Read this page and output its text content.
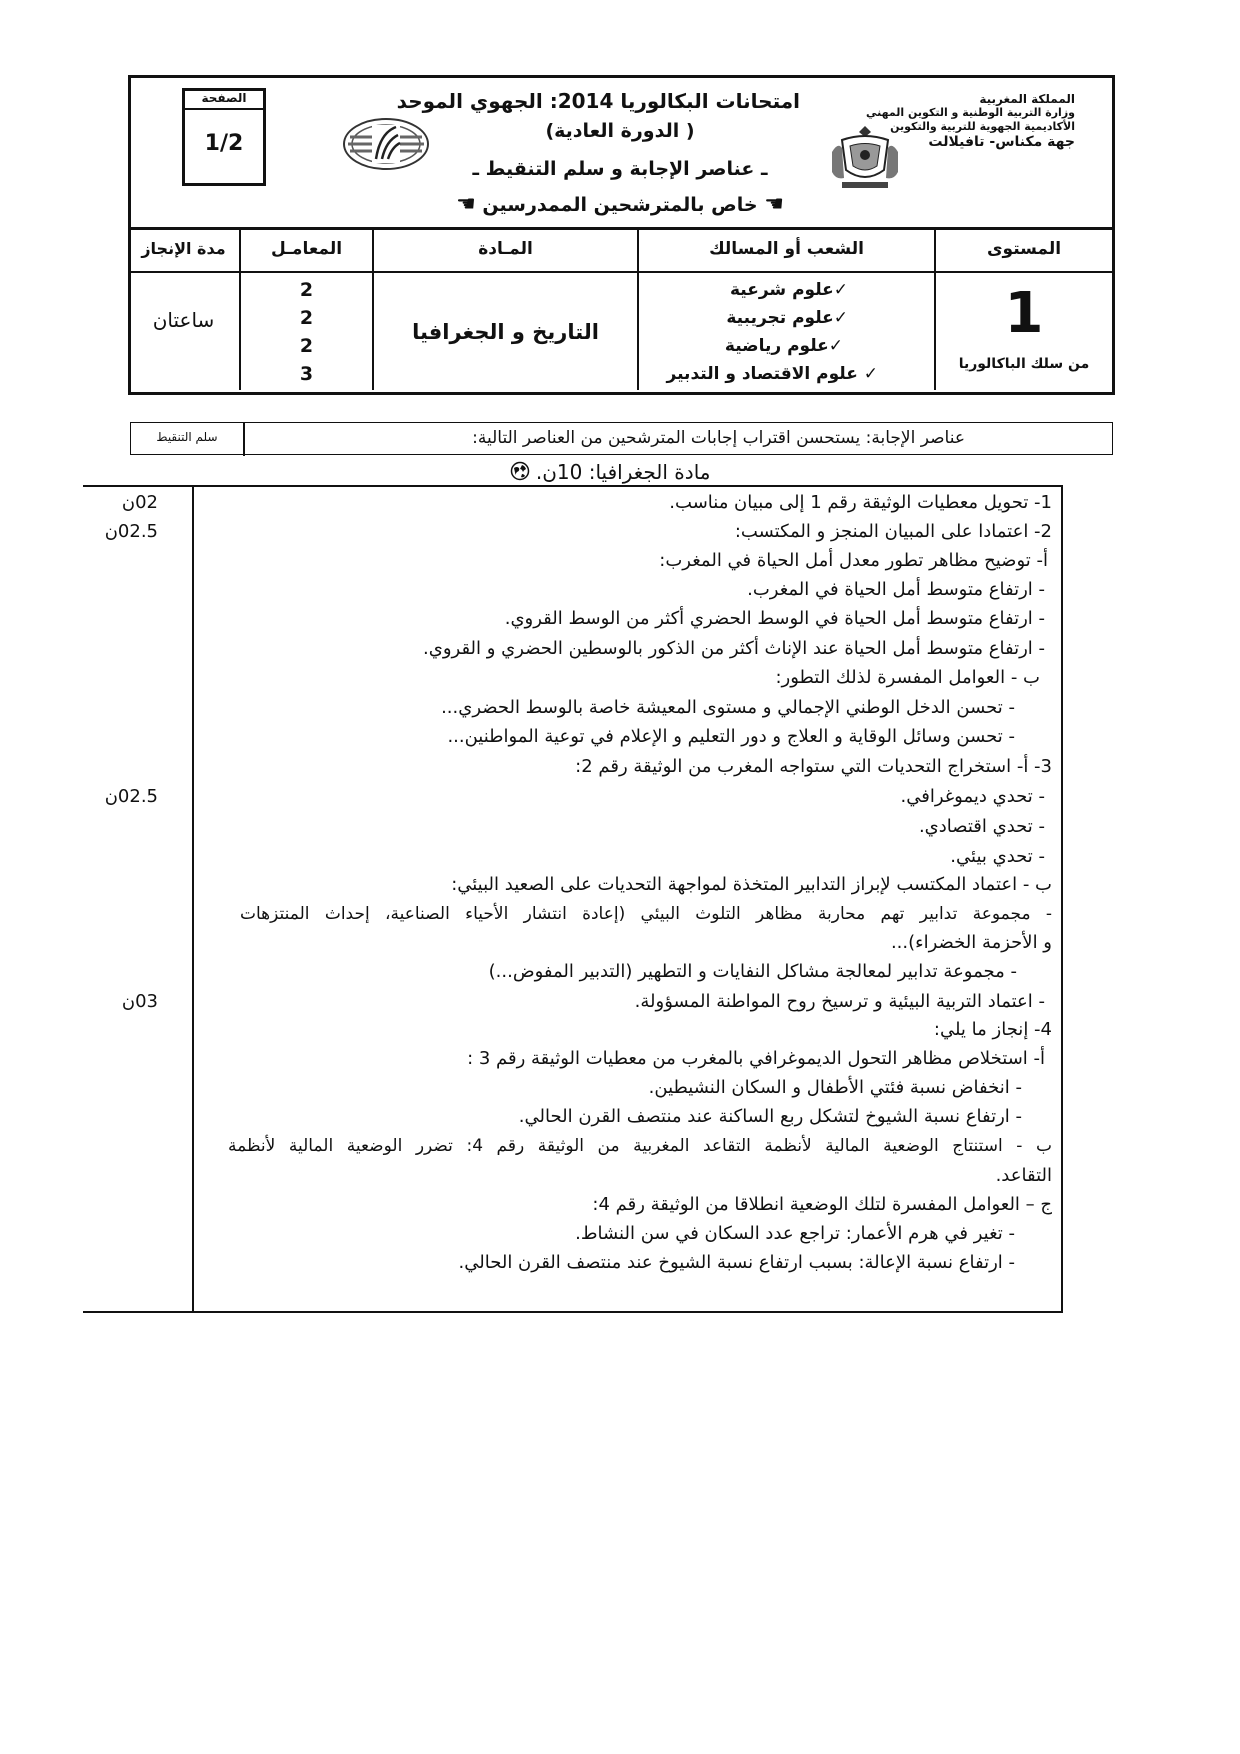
المملكة المغربية
وزارة التربية الوطنية و التكوين المهني
الأكاديمية الجهوية للتربية والتكوين
جهة مكناس- تافيلالت
امتحانات البكالوريا 2014: الجهوي الموحد
( الدورة العادية)
ـ عناصر الإجابة و سلم التنقيط ـ
☚ خاص بالمترشحين الممدرسين ☚
الصفحة
1/2
المستوى
الشعب أو المسالك
المـادة
المعامـل
مدة الإنجاز
1
من سلك الباكالوريا
✓علوم شرعية
✓علوم تجريبية
✓علوم رياضية
✓ علوم الاقتصاد و التدبير
التاريخ و الجغرافيا
2
2
2
3
ساعتان
عناصر الإجابة: يستحسن اقتراب إجابات المترشحين من العناصر التالية:
سلم التنقيط
مادة الجغرافيا: 10ن.
02ن
02.5ن
02.5ن
03ن
1- تحويل معطيات الوثيقة رقم 1 إلى مبيان مناسب.
2- اعتمادا على المبيان المنجز و المكتسب:
أ- توضيح مظاهر تطور معدل أمل الحياة في المغرب:
- ارتفاع متوسط أمل الحياة في المغرب.
- ارتفاع متوسط أمل الحياة في الوسط الحضري أكثر من الوسط القروي.
- ارتفاع متوسط أمل الحياة عند الإناث أكثر من الذكور بالوسطين الحضري و القروي.
ب - العوامل المفسرة لذلك التطور:
- تحسن الدخل الوطني الإجمالي و مستوى المعيشة خاصة بالوسط الحضري...
- تحسن وسائل الوقاية و العلاج و دور التعليم و الإعلام في توعية المواطنين...
3- أ- استخراج التحديات التي ستواجه المغرب من الوثيقة رقم 2:
- تحدي ديموغرافي.
- تحدي اقتصادي.
- تحدي بيئي.
ب - اعتماد المكتسب لإبراز التدابير المتخذة لمواجهة التحديات على الصعيد البيئي:
- مجموعة تدابير تهم محاربة مظاهر التلوث البيئي (إعادة انتشار الأحياء الصناعية، إحداث المنتزهات
و الأحزمة الخضراء)...
- مجموعة تدابير لمعالجة مشاكل النفايات و التطهير (التدبير المفوض...)
- اعتماد التربية البيئية و ترسيخ روح المواطنة المسؤولة.
4- إنجاز ما يلي:
أ- استخلاص مظاهر التحول الديموغرافي بالمغرب من معطيات الوثيقة رقم 3 :
- انخفاض نسبة فئتي الأطفال و السكان النشيطين.
- ارتفاع نسبة الشيوخ لتشكل ربع الساكنة عند منتصف القرن الحالي.
ب - استنتاج الوضعية المالية لأنظمة التقاعد المغربية من الوثيقة رقم 4: تضرر الوضعية المالية لأنظمة
التقاعد.
ج – العوامل المفسرة لتلك الوضعية انطلاقا من الوثيقة رقم 4:
- تغير في هرم الأعمار: تراجع عدد السكان في سن النشاط.
- ارتفاع نسبة الإعالة: بسبب ارتفاع نسبة الشيوخ عند منتصف القرن الحالي.
